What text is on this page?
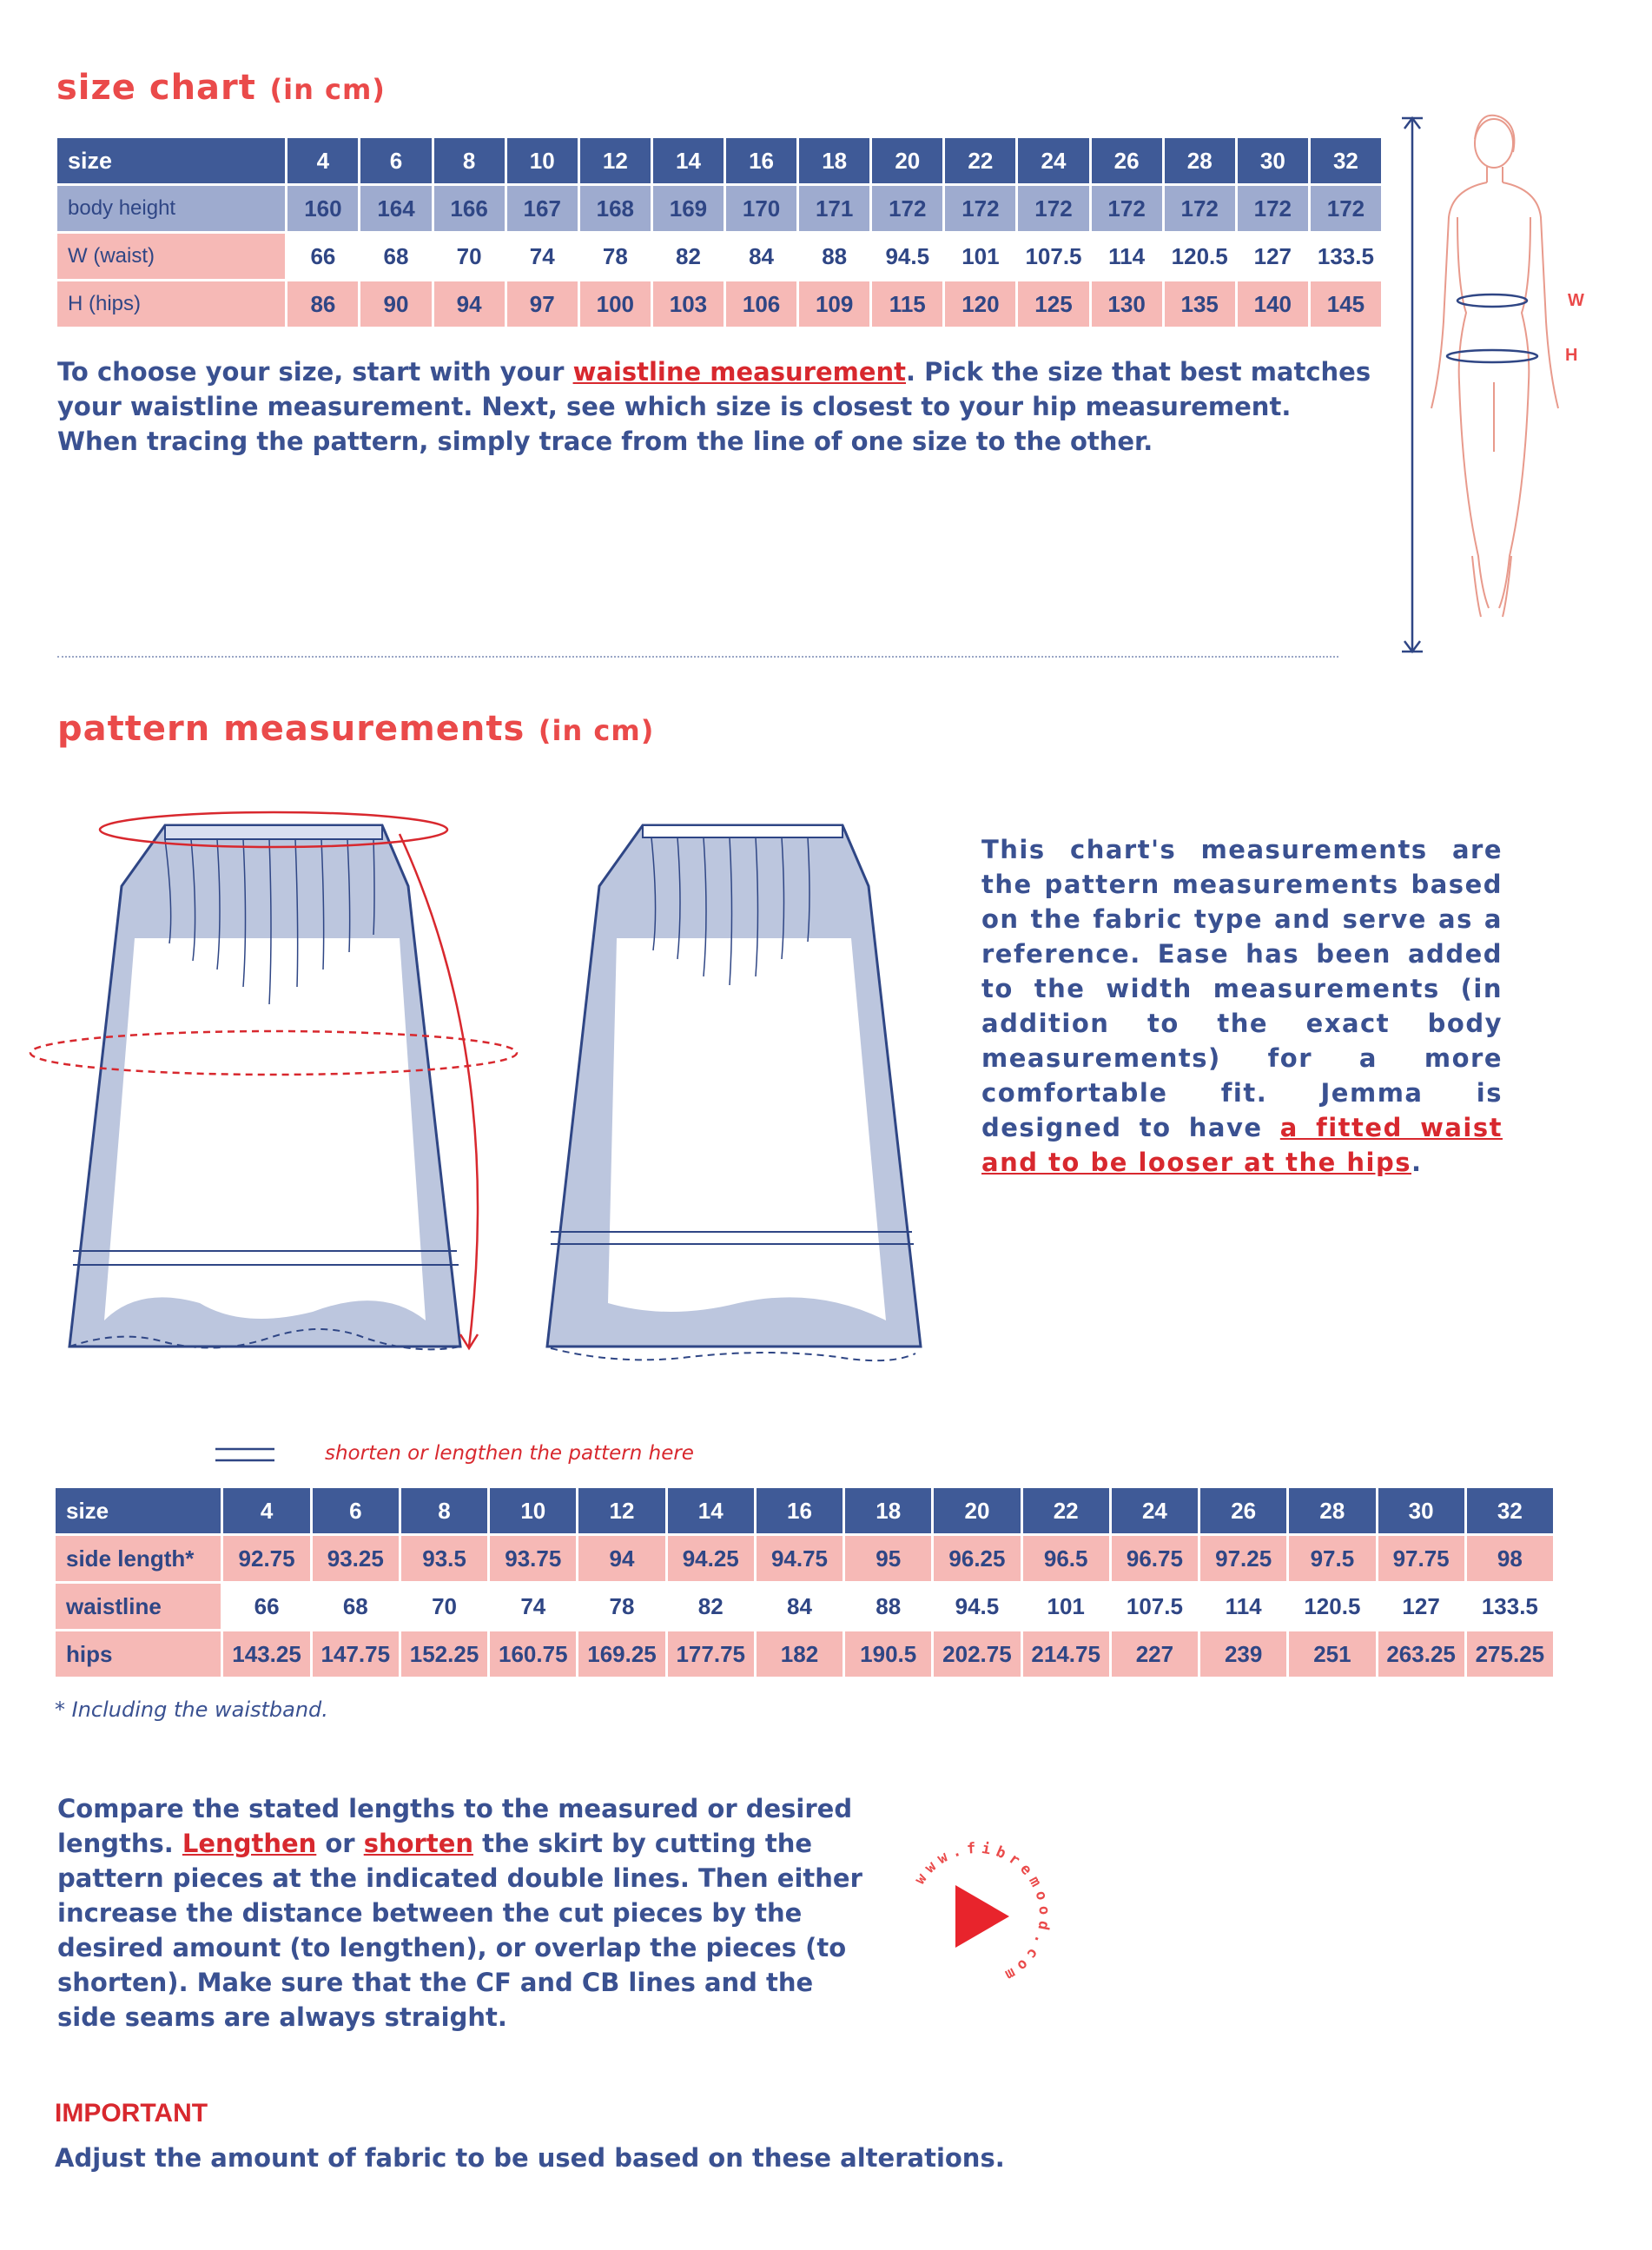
size chart (in cm)
size	4	6	8	10	12	14	16	18	20	22	24	26	28	30	32
body height	160	164	166	167	168	169	170	171	172	172	172	172	172	172	172
W (waist)	66	68	70	74	78	82	84	88	94.5	101	107.5	114	120.5	127	133.5
H (hips)	86	90	94	97	100	103	106	109	115	120	125	130	135	140	145
To choose your size, start with your waistline measurement. Pick the size that best matches your waistline measurement. Next, see which size is closest to your hip measurement. When tracing the pattern, simply trace from the line of one size to the other.
W
H
pattern measurements (in cm)
This chart's measurements are the pattern measurements based on the fabric type and serve as a reference. Ease has been added to the width measurements (in addition to the exact body measurements) for a more comfortable fit. Jemma is designed to have a fitted waist and to be looser at the hips.
shorten or lengthen the pattern here
size	4	6	8	10	12	14	16	18	20	22	24	26	28	30	32
side length*	92.75	93.25	93.5	93.75	94	94.25	94.75	95	96.25	96.5	96.75	97.25	97.5	97.75	98
waistline	66	68	70	74	78	82	84	88	94.5	101	107.5	114	120.5	127	133.5
hips	143.25	147.75	152.25	160.75	169.25	177.75	182	190.5	202.75	214.75	227	239	251	263.25	275.25
* Including the waistband.
Compare the stated lengths to the measured or desired lengths. Lengthen or shorten the skirt by cutting the pattern pieces at the indicated double lines. Then either increase the distance between the cut pieces by the desired amount (to lengthen), or overlap the pieces (to shorten). Make sure that the CF and CB lines and the side seams are always straight.
www.fibremood.com
IMPORTANT
Adjust the amount of fabric to be used based on these alterations.
